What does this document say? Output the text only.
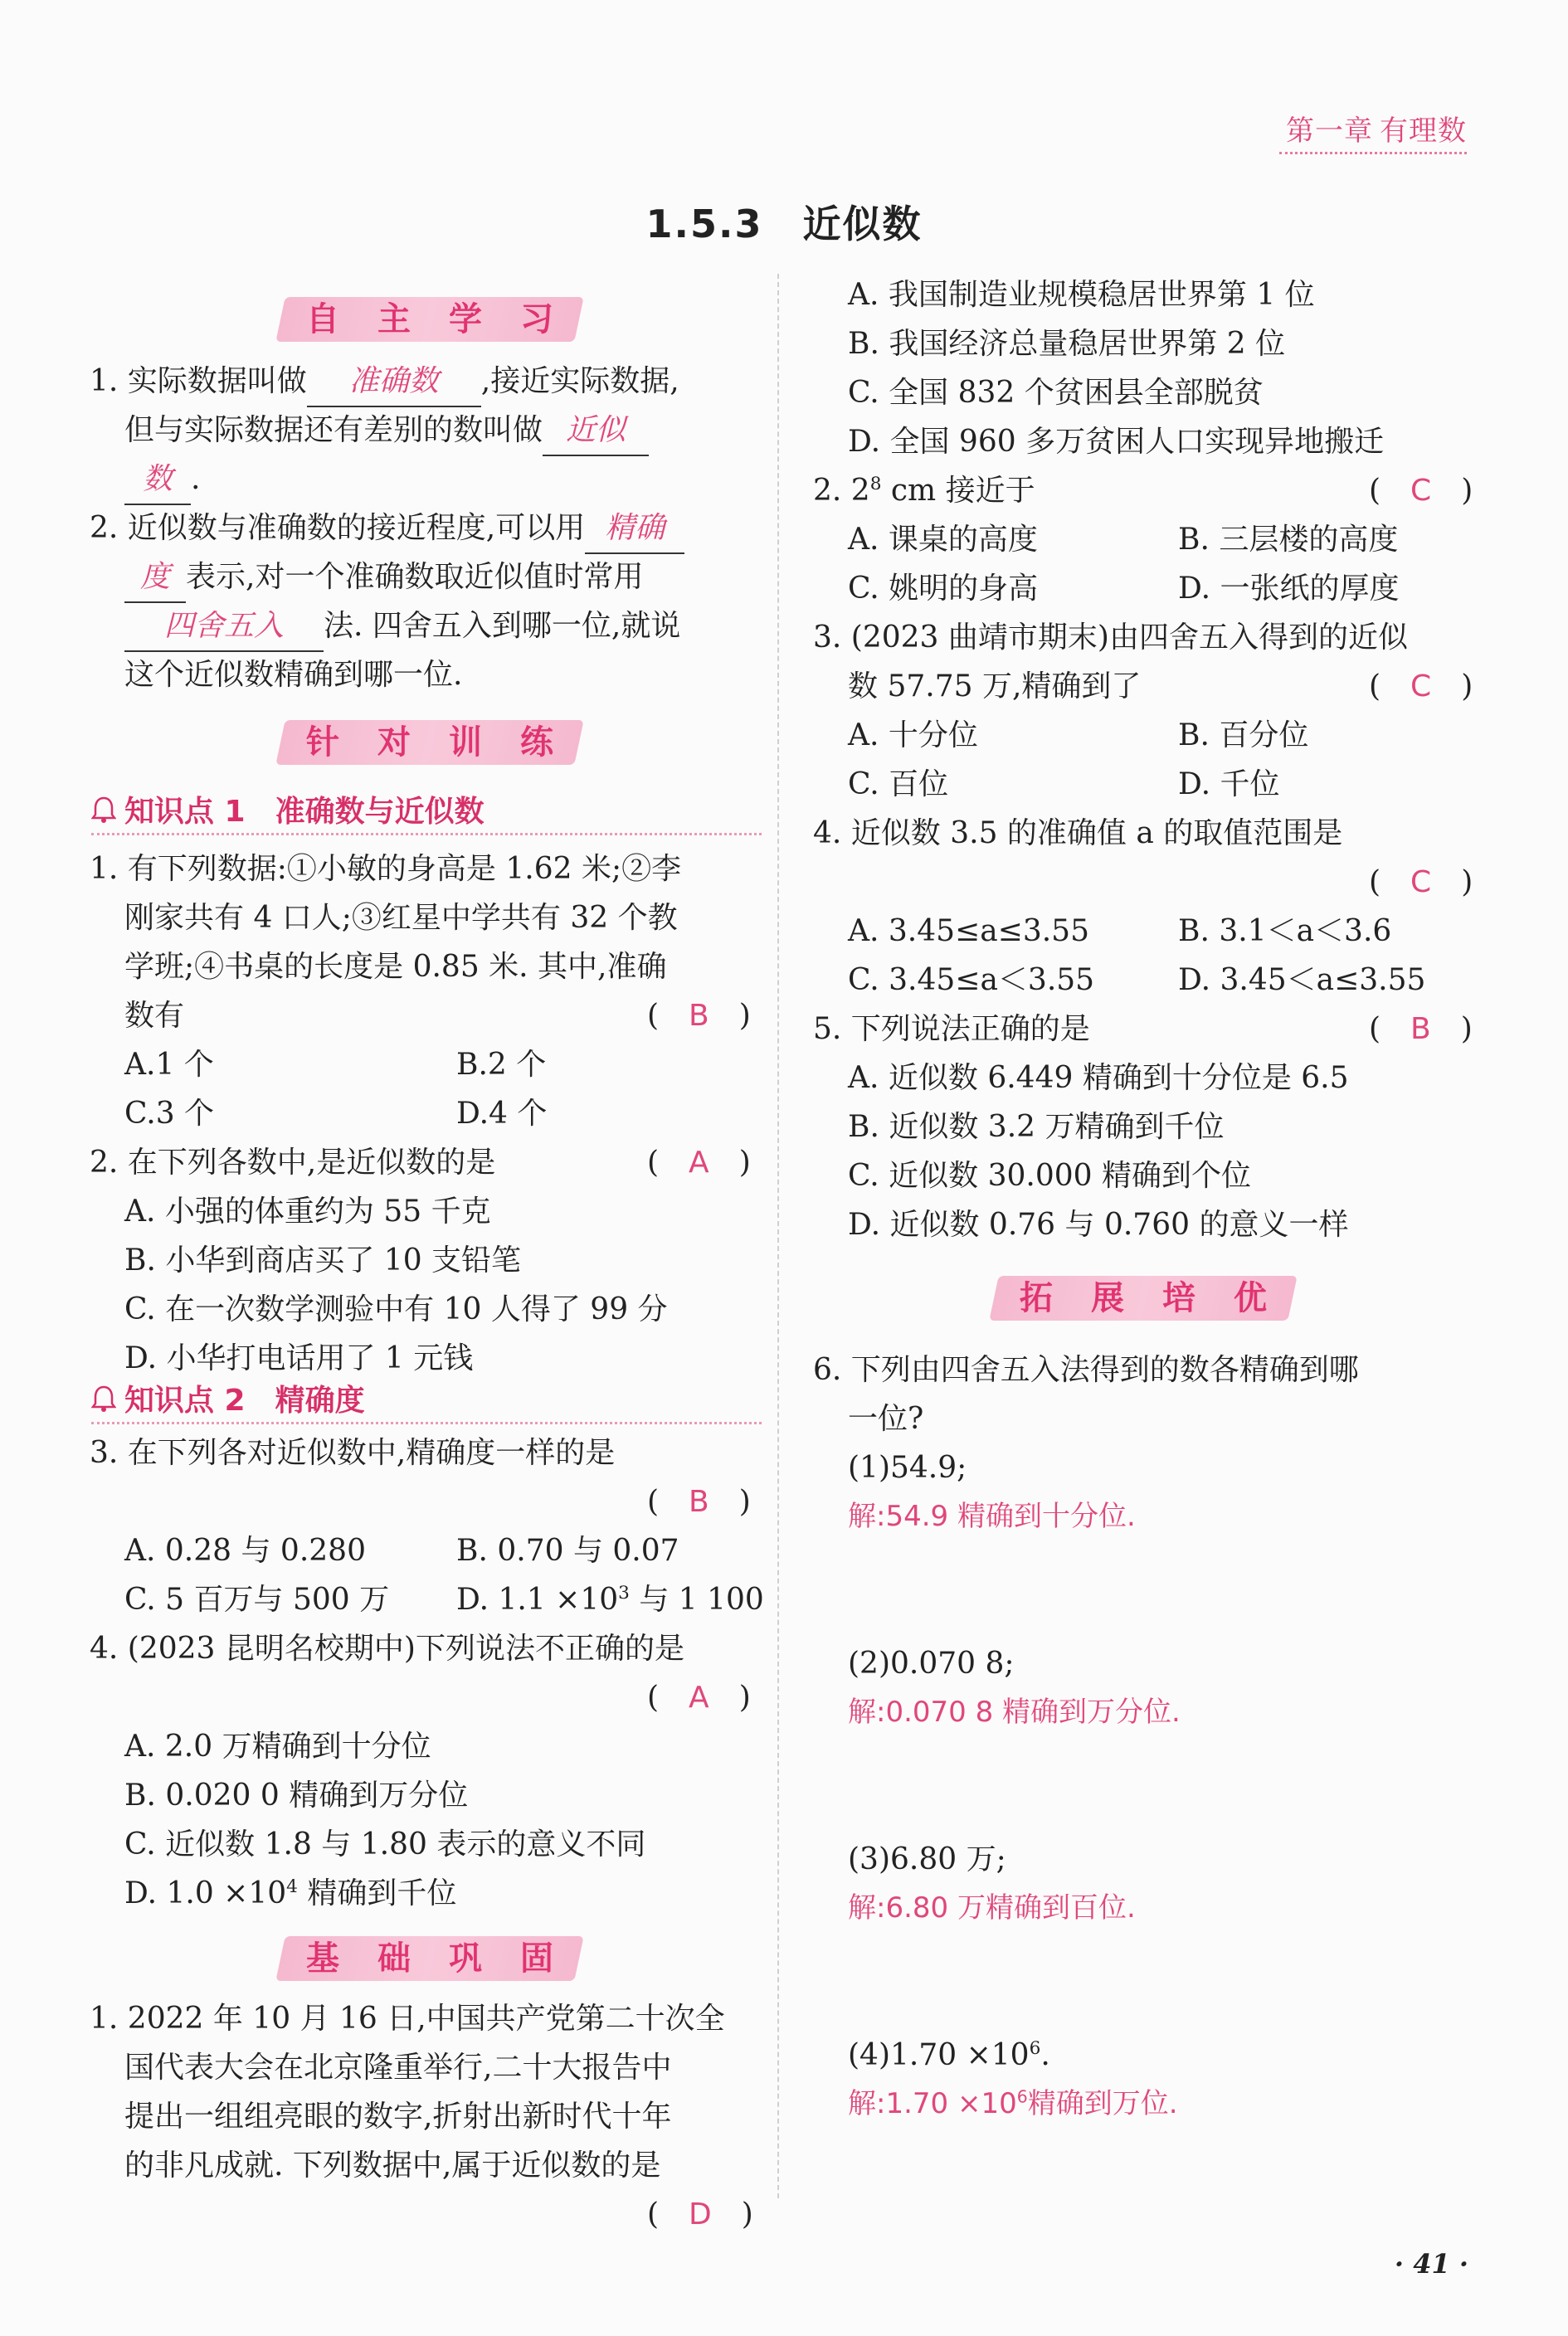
第一章 有理数
1.5.3　近似数
自 主 学 习
1. 实际数据叫做 准确数 ,接近实际数据,
但与实际数据还有差别的数叫做 近似
数 .
2. 近似数与准确数的接近程度,可以用 精确
度 表示,对一个准确数取近似值时常用
四舍五入 法. 四舍五入到哪一位,就说
这个近似数精确到哪一位.
针 对 训 练
知识点 1 准确数与近似数
1. 有下列数据:①小敏的身高是 1.62 米;②李
刚家共有 4 口人;③红星中学共有 32 个教
学班;④书桌的长度是 0.85 米. 其中,准确
数有	(　B　)
A.1 个	B.2 个
C.3 个	D.4 个
2. 在下列各数中,是近似数的是	(　A　)
A. 小强的体重约为 55 千克
B. 小华到商店买了 10 支铅笔
C. 在一次数学测验中有 10 人得了 99 分
D. 小华打电话用了 1 元钱
知识点 2 精确度
3. 在下列各对近似数中,精确度一样的是
(　B　)
A. 0.28 与 0.280	B. 0.70 与 0.07
C. 5 百万与 500 万 D. $1.1 \times 10^3$ 与 1 100
4. (2023 昆明名校期中)下列说法不正确的是
(　A　)
A. 2.0 万精确到十分位
B. 0.020 0 精确到万分位
C. 近似数 1.8 与 1.80 表示的意义不同
D. $1.0 \times 10^4$ 精确到千位
基 础 巩 固
1. 2022 年 10 月 16 日,中国共产党第二十次全
国代表大会在北京隆重举行,二十大报告中
提出一组组亮眼的数字,折射出新时代十年
的非凡成就. 下列数据中,属于近似数的是
(　D　)
A. 我国制造业规模稳居世界第 1 位
B. 我国经济总量稳居世界第 2 位
C. 全国 832 个贫困县全部脱贫
D. 全国 960 多万贫困人口实现异地搬迁
2. $2^8$ cm 接近于	(　C　)
A. 课桌的高度	B. 三层楼的高度
C. 姚明的身高	D. 一张纸的厚度
3. (2023 曲靖市期末)由四舍五入得到的近似
数 57.75 万,精确到了	(　C　)
A. 十分位	B. 百分位
C. 百位	D. 千位
4. 近似数 3.5 的准确值 a 的取值范围是
(　C　)
A. 3.45≤a≤3.55	B. 3.1＜a＜3.6
C. 3.45≤a＜3.55	D. 3.45＜a≤3.55
5. 下列说法正确的是	(　B　)
A. 近似数 6.449 精确到十分位是 6.5
B. 近似数 3.2 万精确到千位
C. 近似数 30.000 精确到个位
D. 近似数 0.76 与 0.760 的意义一样
拓 展 培 优
6. 下列由四舍五入法得到的数各精确到哪
一位?
(1)54.9;
解:54.9 精确到十分位.
(2)0.070 8;
解:0.070 8 精确到万分位.
(3)6.80 万;
解:6.80 万精确到百位.
$(4)1.70 \times 10^6$.
解:1.70 $\times 10^6$精确到万位.
· 41 ·
